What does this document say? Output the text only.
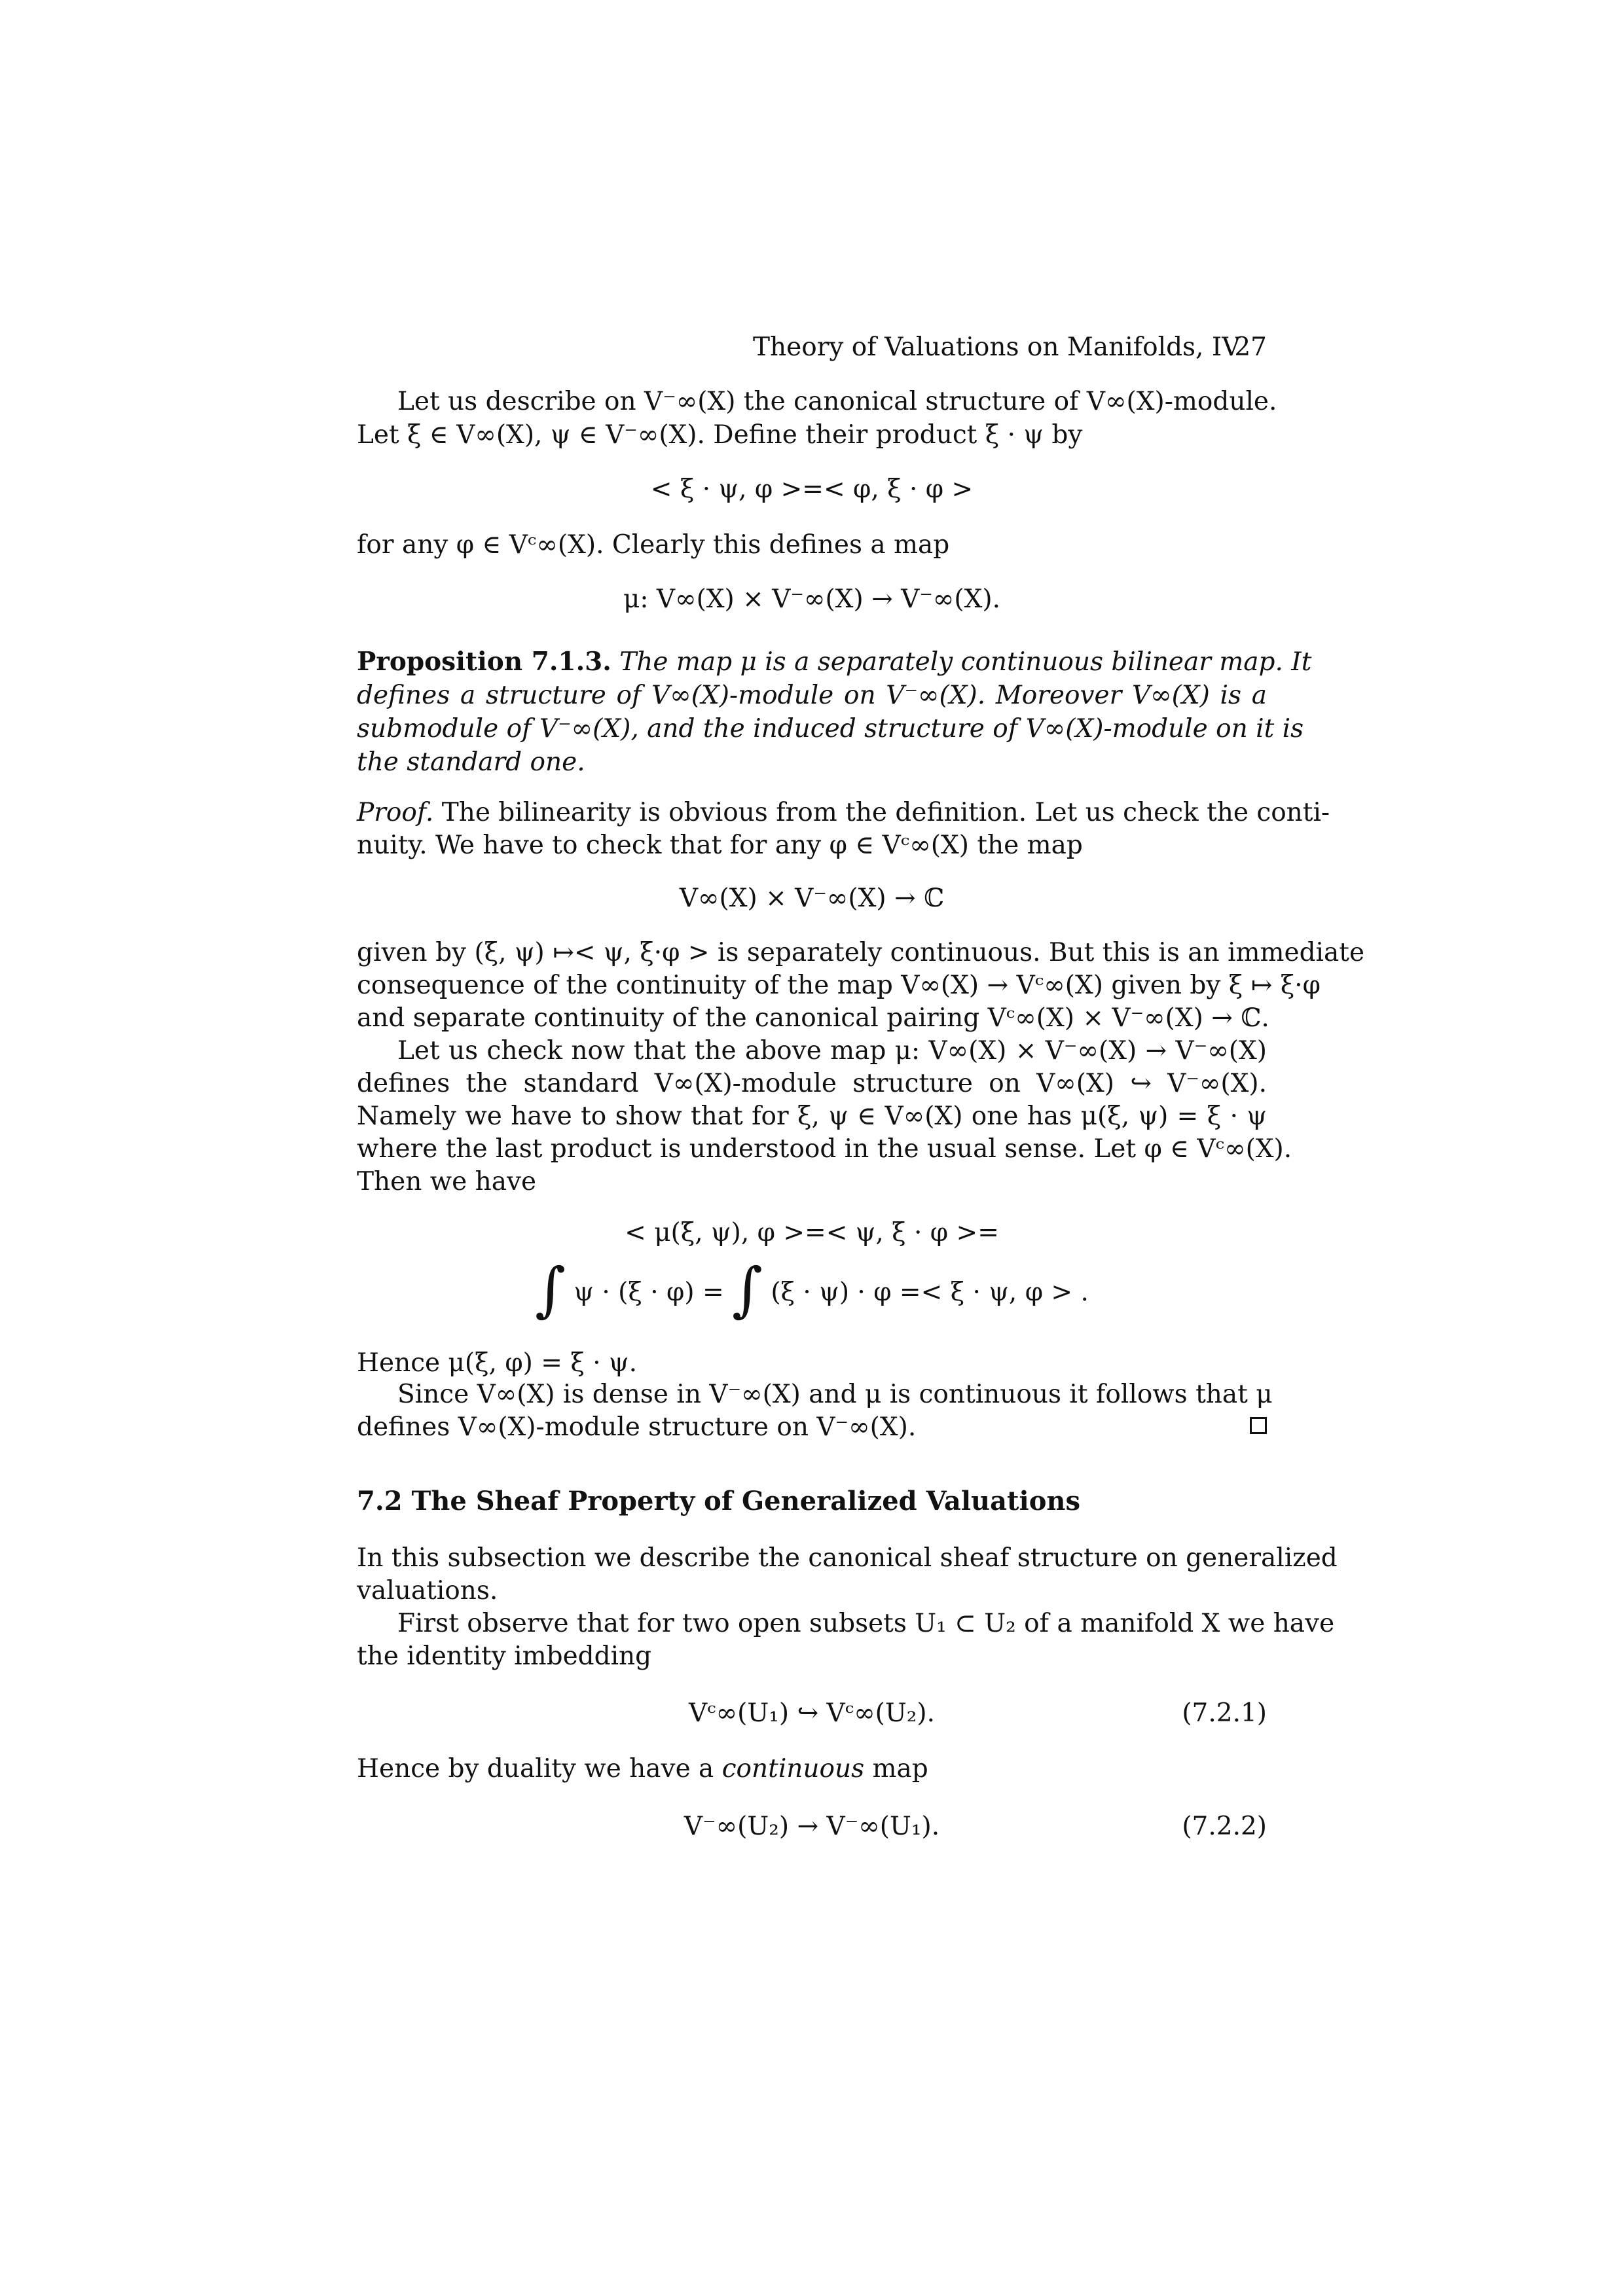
Theory of Valuations on Manifolds, IV
27
Let us describe on V⁻∞(X) the canonical structure of V∞(X)-module.
Let ξ ∈ V∞(X), ψ ∈ V⁻∞(X). Define their product ξ · ψ by
< ξ · ψ, φ >=< φ, ξ · φ >
for any φ ∈ Vᶜ∞(X). Clearly this defines a map
μ: V∞(X) × V⁻∞(X) → V⁻∞(X).
Proposition 7.1.3. The map μ is a separately continuous bilinear map. It
defines a structure of V∞(X)-module on V⁻∞(X). Moreover V∞(X) is a
submodule of V⁻∞(X), and the induced structure of V∞(X)-module on it is
the standard one.
Proof. The bilinearity is obvious from the definition. Let us check the conti-
nuity. We have to check that for any φ ∈ Vᶜ∞(X) the map
V∞(X) × V⁻∞(X) → ℂ
given by (ξ, ψ) ↦< ψ, ξ·φ > is separately continuous. But this is an immediate
consequence of the continuity of the map V∞(X) → Vᶜ∞(X) given by ξ ↦ ξ·φ
and separate continuity of the canonical pairing Vᶜ∞(X) × V⁻∞(X) → ℂ.
Let us check now that the above map μ: V∞(X) × V⁻∞(X) → V⁻∞(X)
defines the standard V∞(X)-module structure on V∞(X) ↪ V⁻∞(X).
Namely we have to show that for ξ, ψ ∈ V∞(X) one has μ(ξ, ψ) = ξ · ψ
where the last product is understood in the usual sense. Let φ ∈ Vᶜ∞(X).
Then we have
< μ(ξ, ψ), φ >=< ψ, ξ · φ >=
∫ ψ · (ξ · φ) = ∫ (ξ · ψ) · φ =< ξ · ψ, φ > .
Hence μ(ξ, φ) = ξ · ψ.
Since V∞(X) is dense in V⁻∞(X) and μ is continuous it follows that μ
defines V∞(X)-module structure on V⁻∞(X).
7.2 The Sheaf Property of Generalized Valuations
In this subsection we describe the canonical sheaf structure on generalized
valuations.
First observe that for two open subsets U₁ ⊂ U₂ of a manifold X we have
the identity imbedding
Vᶜ∞(U₁) ↪ Vᶜ∞(U₂).	(7.2.1)
Hence by duality we have a continuous map
V⁻∞(U₂) → V⁻∞(U₁).	(7.2.2)
